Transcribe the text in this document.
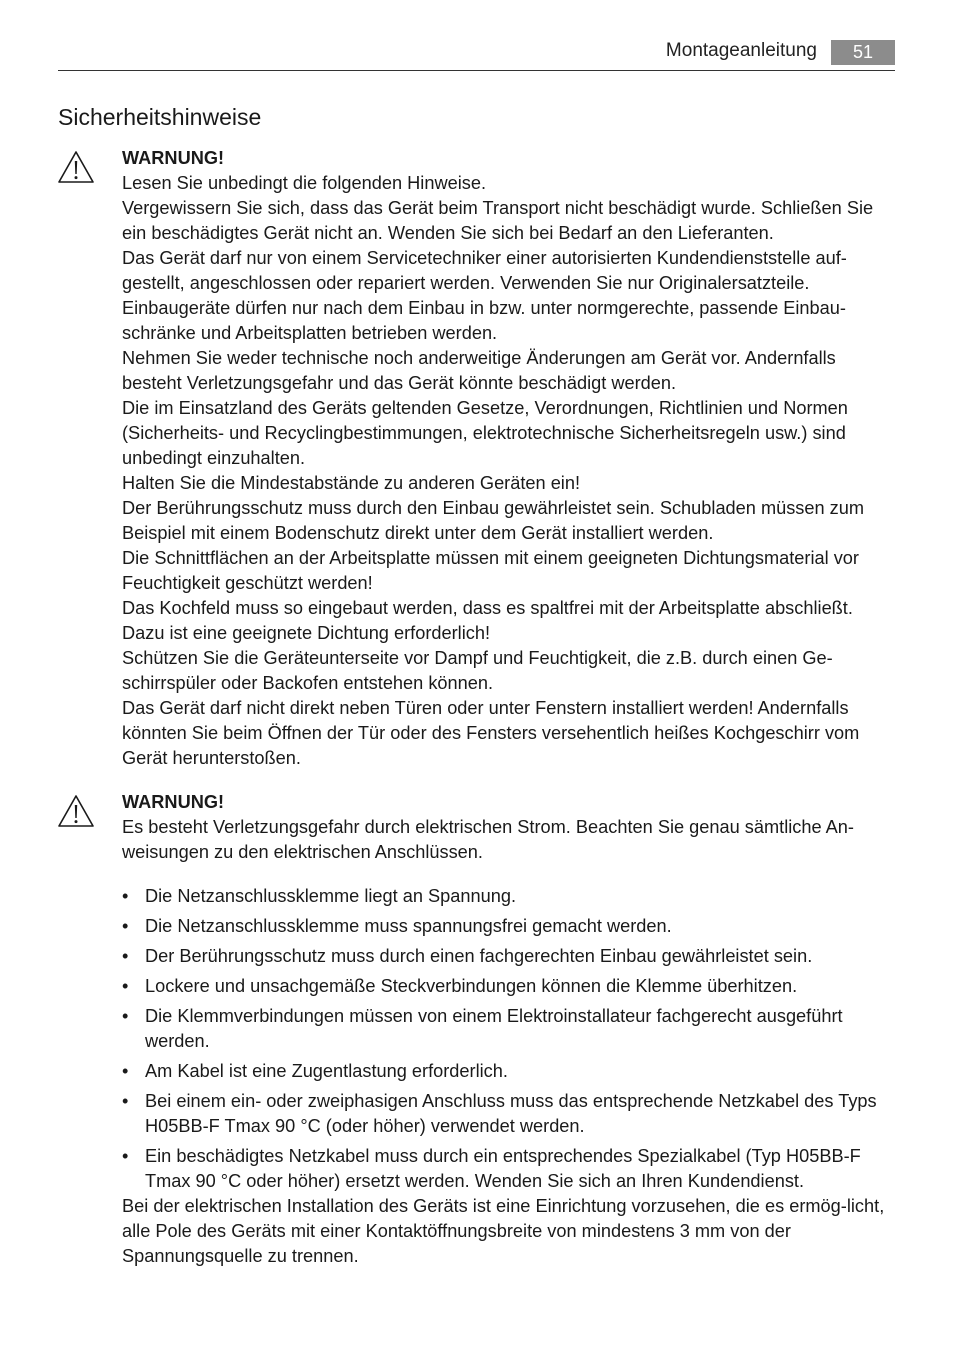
Montageanleitung	51
Sicherheitshinweise

WARNUNG!

Lesen Sie unbedingt die folgenden Hinweise.

Vergewissern Sie sich, dass das Gerät beim Transport nicht beschädigt wurde. Schließen Sie ein beschädigtes Gerät nicht an. Wenden Sie sich bei Bedarf an den Lieferanten.

Das Gerät darf nur von einem Servicetechniker einer autorisierten Kundendienststelle auf-gestellt, angeschlossen oder repariert werden. Verwenden Sie nur Originalersatzteile.

Einbaugeräte dürfen nur nach dem Einbau in bzw. unter normgerechte, passende Einbau-schränke und Arbeitsplatten betrieben werden.

Nehmen Sie weder technische noch anderweitige Änderungen am Gerät vor. Andernfalls besteht Verletzungsgefahr und das Gerät könnte beschädigt werden.

Die im Einsatzland des Geräts geltenden Gesetze, Verordnungen, Richtlinien und Normen (Sicherheits- und Recyclingbestimmungen, elektrotechnische Sicherheitsregeln usw.) sind unbedingt einzuhalten.

Halten Sie die Mindestabstände zu anderen Geräten ein!

Der Berührungsschutz muss durch den Einbau gewährleistet sein. Schubladen müssen zum Beispiel mit einem Bodenschutz direkt unter dem Gerät installiert werden.

Die Schnittflächen an der Arbeitsplatte müssen mit einem geeigneten Dichtungsmaterial vor Feuchtigkeit geschützt werden!

Das Kochfeld muss so eingebaut werden, dass es spaltfrei mit der Arbeitsplatte abschließt. Dazu ist eine geeignete Dichtung erforderlich!

Schützen Sie die Geräteunterseite vor Dampf und Feuchtigkeit, die z.B. durch einen Ge-schirrspüler oder Backofen entstehen können.

Das Gerät darf nicht direkt neben Türen oder unter Fenstern installiert werden! Andernfalls könnten Sie beim Öffnen der Tür oder des Fensters versehentlich heißes Kochgeschirr vom Gerät herunterstoßen.

WARNUNG!

Es besteht Verletzungsgefahr durch elektrischen Strom. Beachten Sie genau sämtliche An-weisungen zu den elektrischen Anschlüssen.

• Die Netzanschlussklemme liegt an Spannung.
• Die Netzanschlussklemme muss spannungsfrei gemacht werden.
• Der Berührungsschutz muss durch einen fachgerechten Einbau gewährleistet sein.
• Lockere und unsachgemäße Steckverbindungen können die Klemme überhitzen.
• Die Klemmverbindungen müssen von einem Elektroinstallateur fachgerecht ausgeführt werden.
• Am Kabel ist eine Zugentlastung erforderlich.
• Bei einem ein- oder zweiphasigen Anschluss muss das entsprechende Netzkabel des Typs H05BB-F Tmax 90 °C (oder höher) verwendet werden.
• Ein beschädigtes Netzkabel muss durch ein entsprechendes Spezialkabel (Typ H05BB-F Tmax 90 °C oder höher) ersetzt werden. Wenden Sie sich an Ihren Kundendienst.

Bei der elektrischen Installation des Geräts ist eine Einrichtung vorzusehen, die es ermög-licht, alle Pole des Geräts mit einer Kontaktöffnungsbreite von mindestens 3 mm von der Spannungsquelle zu trennen.
